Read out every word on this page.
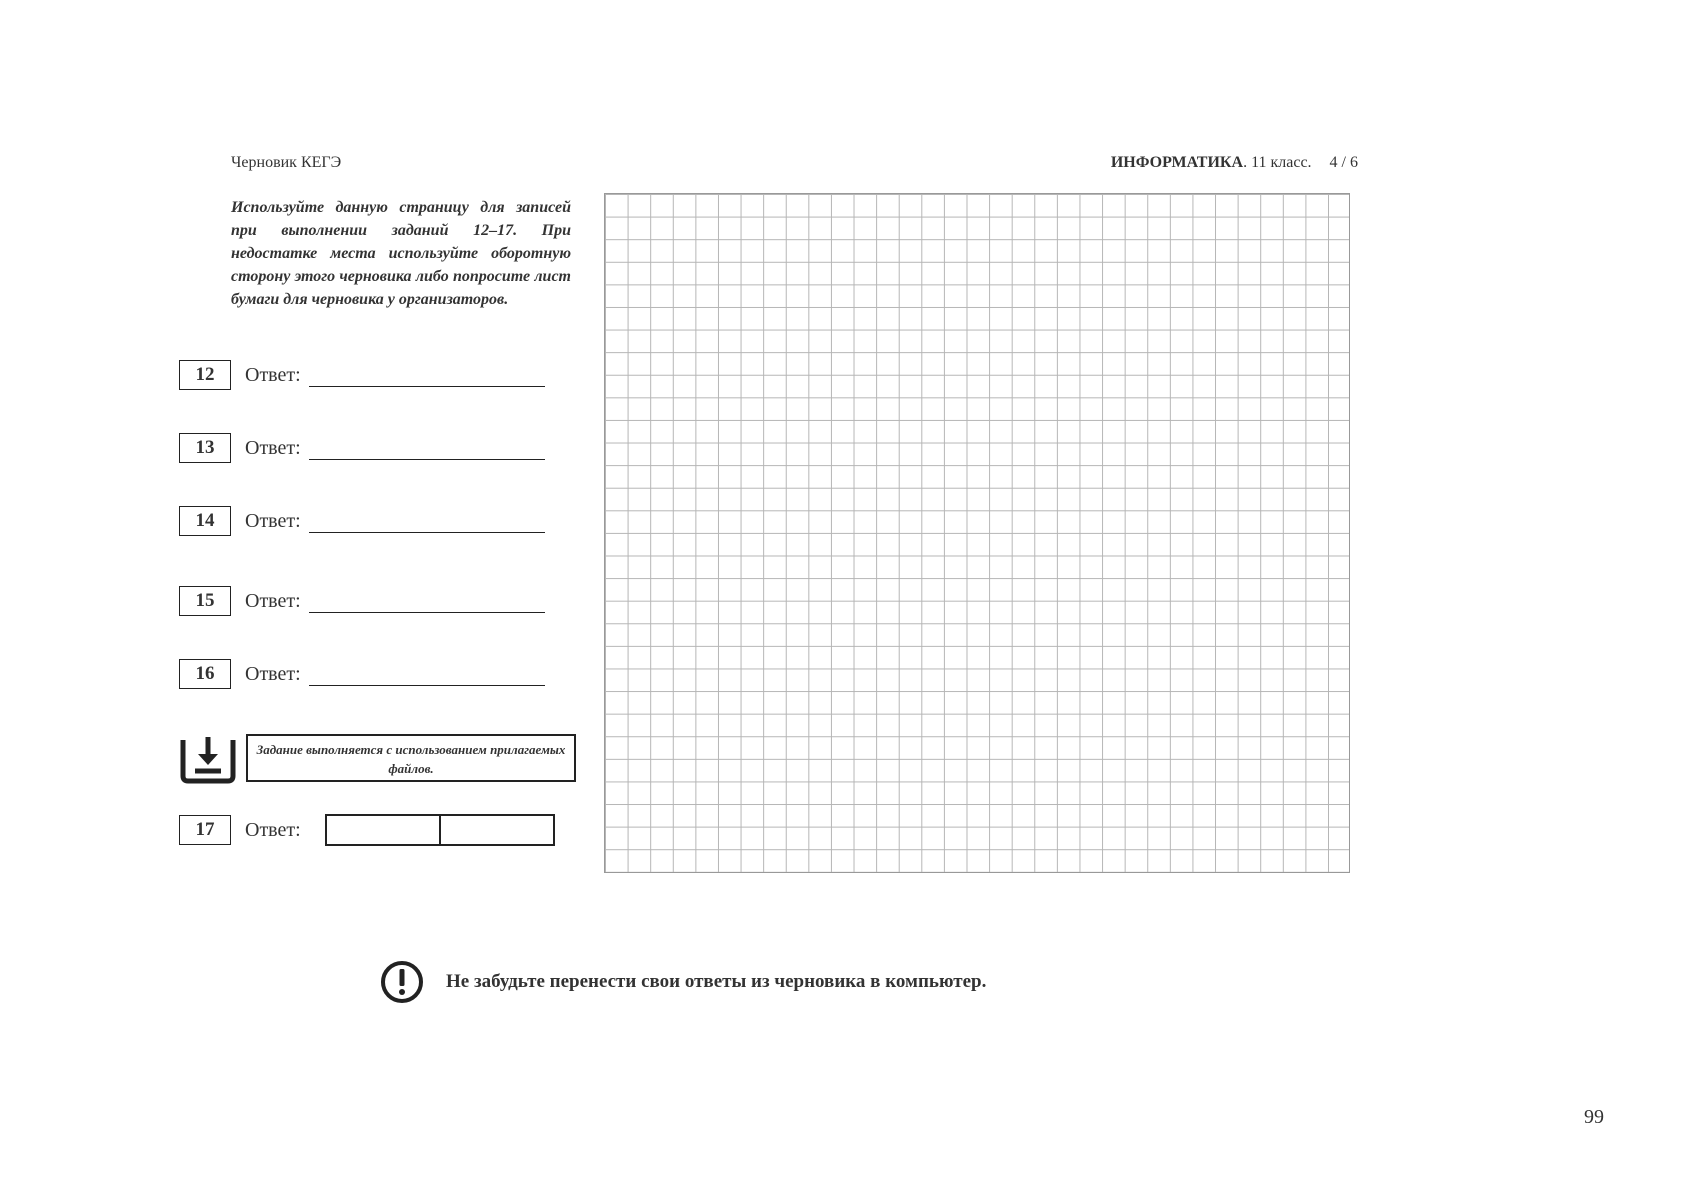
Черновик КЕГЭ	ИНФОРМАТИКА. 11 класс. 4 / 6
Используйте данную страницу для записей при выполнении заданий 12–17. При недостатке места используйте оборотную сторону этого черновика либо попросите лист бумаги для черновика у организаторов.
12	Ответ:
13	Ответ:
14	Ответ:
15	Ответ:
16	Ответ:
Задание выполняется с использованием прилагаемых файлов.
17	Ответ:
Не забудьте перенести свои ответы из черновика в компьютер.
99
